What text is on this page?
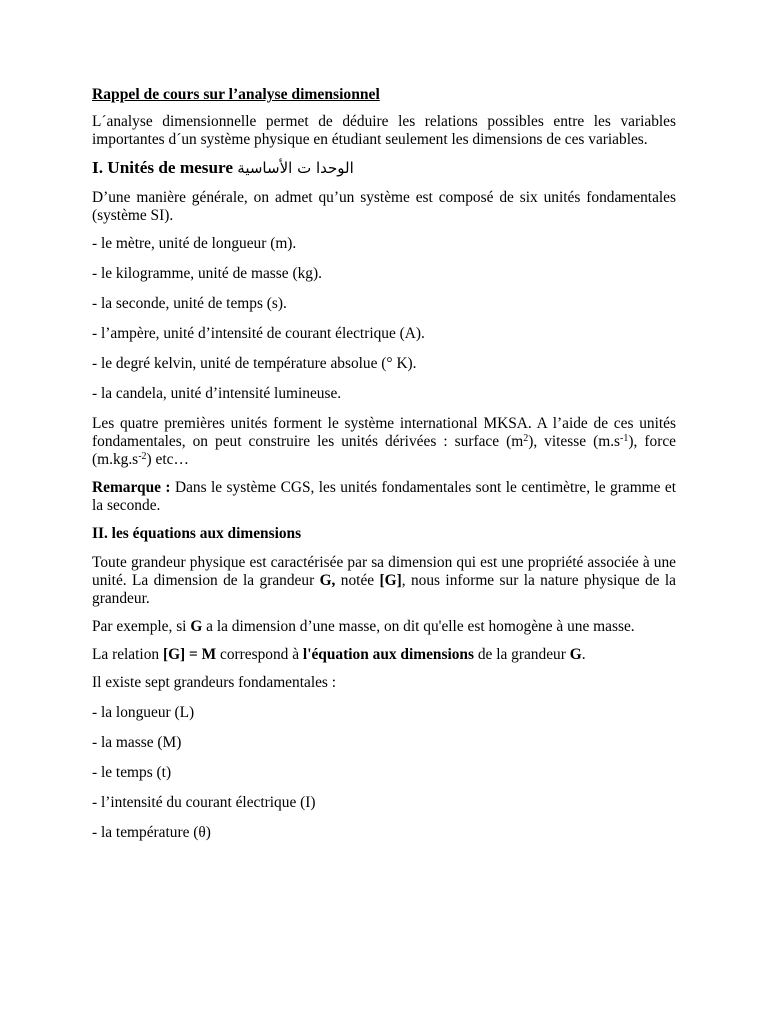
Rappel de cours sur l’analyse dimensionnel

L´analyse dimensionnelle permet de déduire les relations possibles entre les variables importantes d´un système physique en étudiant seulement les dimensions de ces variables.

I. Unités de mesure الوحدا ت الأساسية

D’une manière générale, on admet qu’un système est composé de six unités fondamentales (système SI).

- le mètre, unité de longueur (m).

- le kilogramme, unité de masse (kg).

- la seconde, unité de temps (s).

- l’ampère, unité d’intensité de courant électrique (A).

- le degré kelvin, unité de température absolue (° K).

- la candela, unité d’intensité lumineuse.

Les quatre premières unités forment le système international MKSA. A l’aide de ces unités fondamentales, on peut construire les unités dérivées : surface $(m^2)$, vitesse $(m.s^{-1})$, force $(m.kg.s^{-2})$ etc…

Remarque : Dans le système CGS, les unités fondamentales sont le centimètre, le gramme et la seconde.

II. les équations aux dimensions

Toute grandeur physique est caractérisée par sa dimension qui est une propriété associée à une unité. La dimension de la grandeur G, notée [G], nous informe sur la nature physique de la grandeur.

Par exemple, si G a la dimension d’une masse, on dit qu'elle est homogène à une masse.

La relation [G] = M correspond à l'équation aux dimensions de la grandeur G.

Il existe sept grandeurs fondamentales :

- la longueur (L)

- la masse (M)

- le temps (t)

- l’intensité du courant électrique (I)

- la température (θ)
